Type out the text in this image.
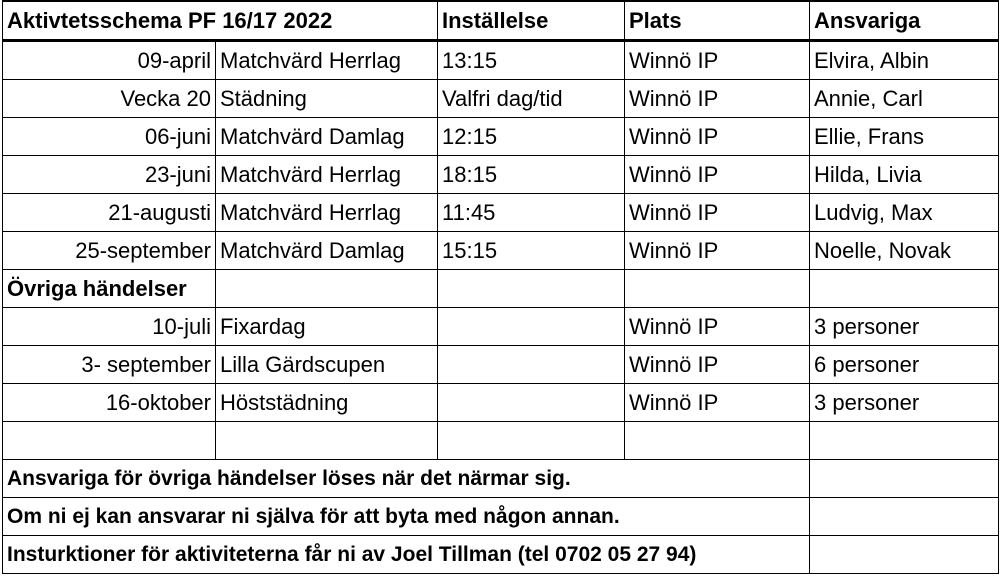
Aktivtetsschema PF 16/17 2022		Inställelse	Plats	Ansvariga
09-april	Matchvärd Herrlag	13:15	Winnö IP	Elvira, Albin
Vecka 20	Städning	Valfri dag/tid	Winnö IP	Annie, Carl
06-juni	Matchvärd Damlag	12:15	Winnö IP	Ellie, Frans
23-juni	Matchvärd Herrlag	18:15	Winnö IP	Hilda, Livia
21-augusti	Matchvärd Herrlag	11:45	Winnö IP	Ludvig, Max
25-september	Matchvärd Damlag	15:15	Winnö IP	Noelle, Novak
Övriga händelser				
10-juli	Fixardag		Winnö IP	3 personer
3- september	Lilla Gärdscupen		Winnö IP	6 personer
16-oktober	Höststädning		Winnö IP	3 personer

Ansvariga för övriga händelser löses när det närmar sig.				
Om ni ej kan ansvarar ni själva för att byta med någon annan.				
Insturktioner för aktiviteterna får ni av Joel Tillman (tel 0702 05 27 94)				
